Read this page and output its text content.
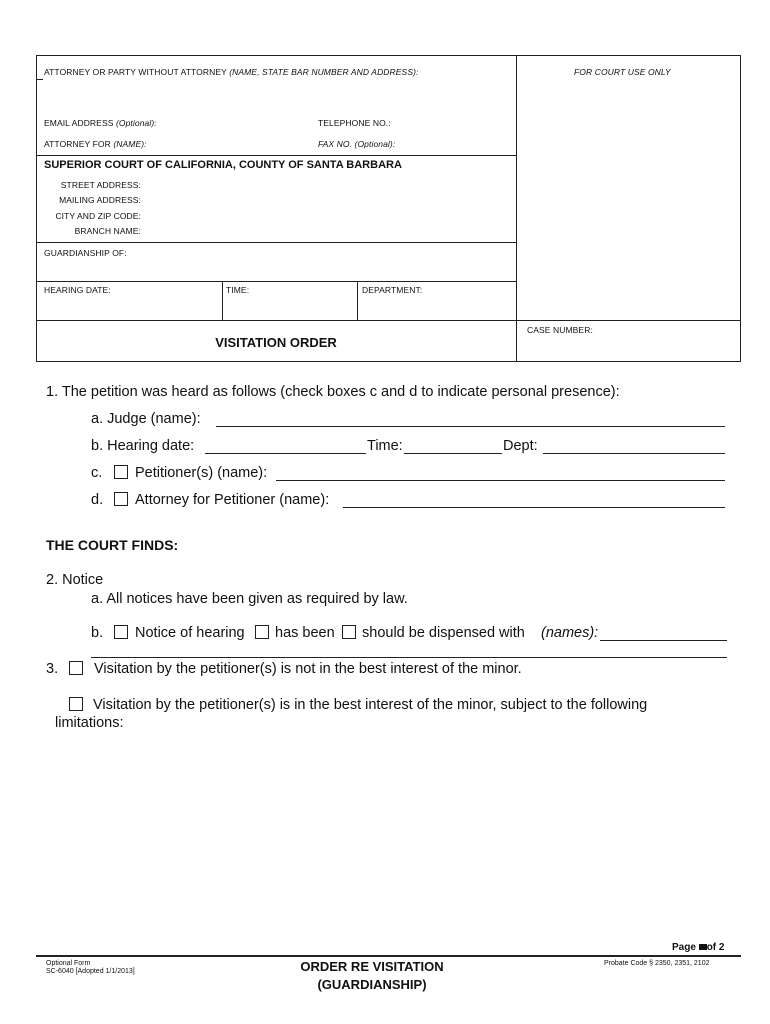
ATTORNEY OR PARTY WITHOUT ATTORNEY (NAME, STATE BAR NUMBER AND ADDRESS):	FOR COURT USE ONLY
EMAIL ADDRESS (Optional):	TELEPHONE NO.:
ATTORNEY FOR (NAME):	FAX NO. (Optional):
SUPERIOR COURT OF CALIFORNIA, COUNTY OF SANTA BARBARA
STREET ADDRESS:
MAILING ADDRESS:
CITY AND ZIP CODE:
BRANCH NAME:
GUARDIANSHIP OF:
HEARING DATE:	TIME:	DEPARTMENT:
VISITATION ORDER
CASE NUMBER:
1. The petition was heard as follows (check boxes c and d to indicate personal presence):
a. Judge (name):
b. Hearing date:	Time:	Dept:
c. Petitioner(s) (name):
d. Attorney for Petitioner (name):
THE COURT FINDS:
2. Notice
a. All notices have been given as required by law.
b. Notice of hearing has been should be dispensed with (names):
3. Visitation by the petitioner(s) is not in the best interest of the minor.
Visitation by the petitioner(s) is in the best interest of the minor, subject to the following
limitations:
Page of 2
Optional Form
SC-6040 [Adopted 1/1/2013]	ORDER RE VISITATION
(GUARDIANSHIP)
Probate Code § 2350, 2351, 2102
